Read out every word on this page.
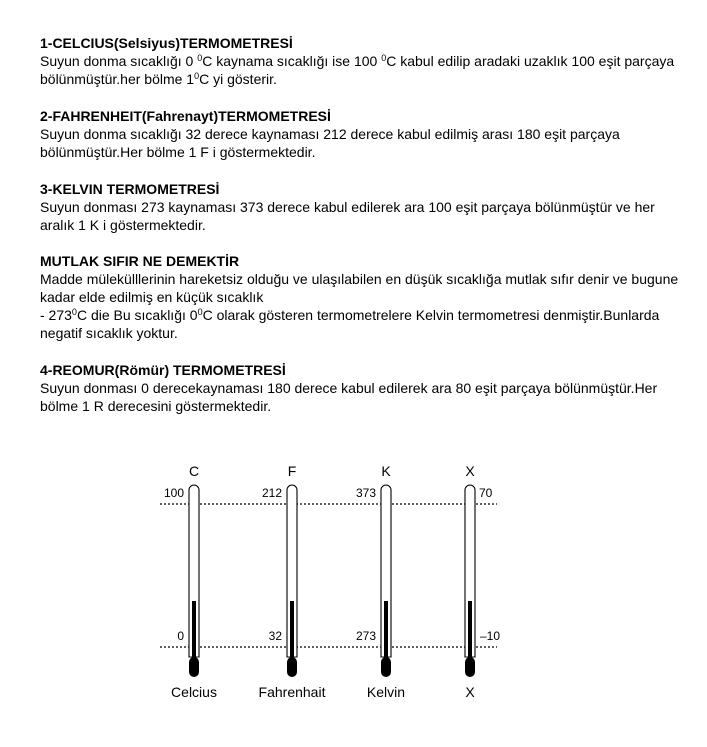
1-CELCIUS(Selsiyus)TERMOMETRESİ

Suyun donma sıcaklığı 0 $^0$C kaynama sıcaklığı ise 100 $^0$C kabul edilip aradaki uzaklık 100 eşit parçaya bölünmüştür.her bölme $1^0C$ yi gösterir.

2-FAHRENHEIT(Fahrenayt)TERMOMETRESİ

Suyun donma sıcaklığı 32 derece kaynaması 212 derece kabul edilmiş arası 180 eşit parçaya bölünmüştür.Her bölme 1 F i göstermektedir.

3-KELVIN TERMOMETRESİ

Suyun donması 273 kaynaması 373 derece kabul edilerek ara 100 eşit parçaya bölünmüştür ve her aralık 1 K i göstermektedir.

MUTLAK SIFIR NE DEMEKTİR

Madde mülekülllerinin hareketsiz olduğu ve ulaşılabilen en düşük sıcaklığa mutlak sıfır denir ve bugune kadar elde edilmiş en küçük sıcaklık

- $273^0C$ die Bu sıcaklığı $0^0C$ olarak gösteren termometrelere Kelvin termometresi denmiştir.Bunlarda negatif sıcaklık yoktur.

4-REOMUR(Römür) TERMOMETRESİ

Suyun donması 0 derecekaynaması 180 derece kabul edilerek ara 80 eşit parçaya bölünmüştür.Her bölme 1 R derecesini göstermektedir.

C
100
0
Celcius
F
212
32
Fahrenhait
K
373
273
Kelvin
X
70
–10
X
